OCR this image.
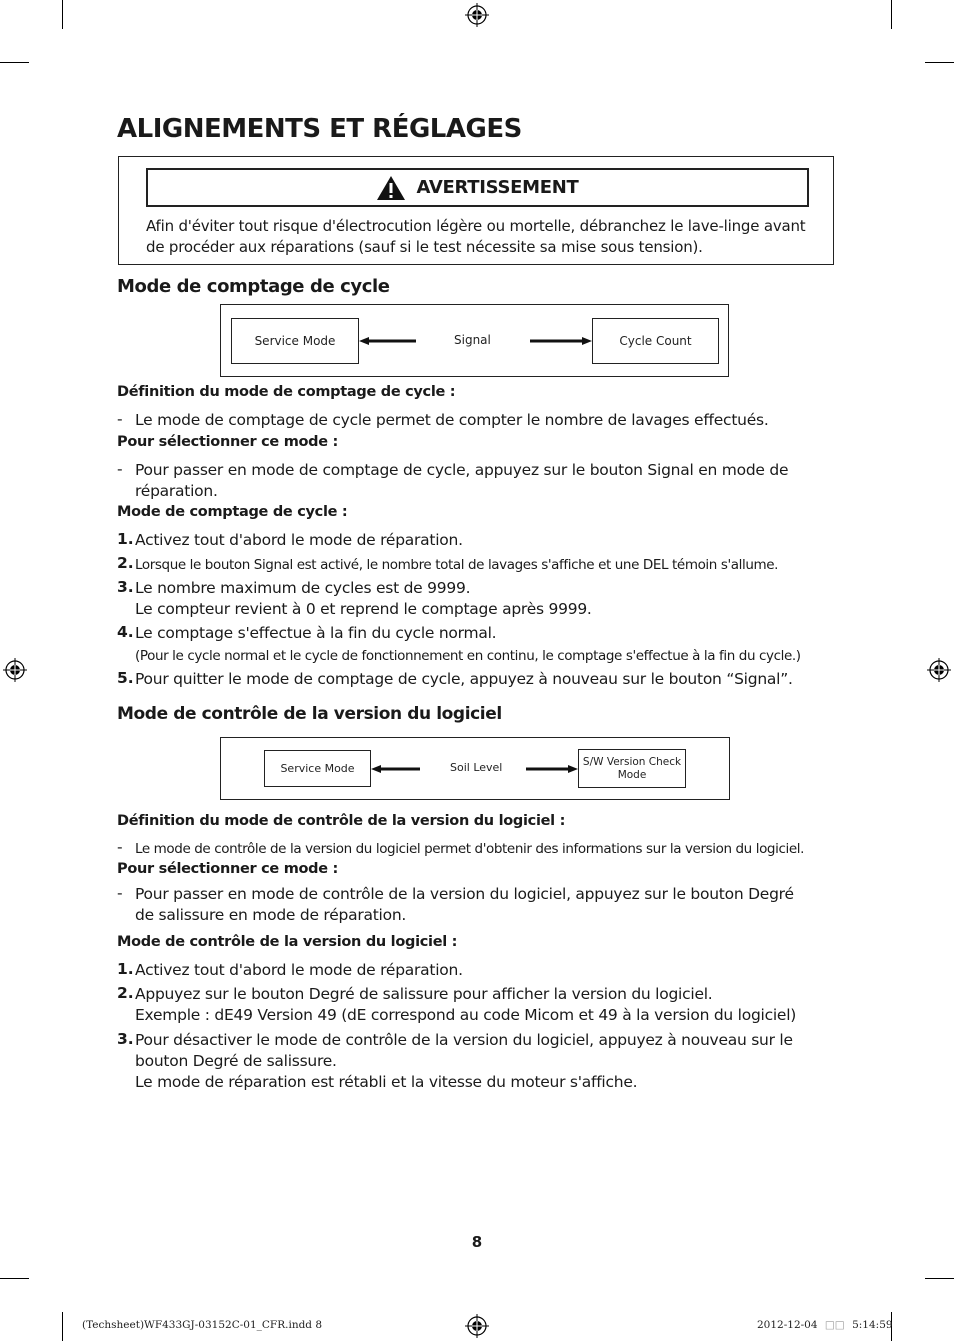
ALIGNEMENTS ET RÉGLAGES
AVERTISSEMENT
Afin d'éviter tout risque d'électrocution légère ou mortelle, débranchez le lave-linge avant de procéder aux réparations (sauf si le test nécessite sa mise sous tension).
Mode de comptage de cycle
Service Mode	Signal	Cycle Count
Définition du mode de comptage de cycle :
- Le mode de comptage de cycle permet de compter le nombre de lavages effectués.
Pour sélectionner ce mode :
- Pour passer en mode de comptage de cycle, appuyez sur le bouton Signal en mode de réparation.
Mode de comptage de cycle :
1. Activez tout d'abord le mode de réparation.
2. Lorsque le bouton Signal est activé, le nombre total de lavages s'affiche et une DEL témoin s'allume.
3. Le nombre maximum de cycles est de 9999.
Le compteur revient à 0 et reprend le comptage après 9999.
4. Le comptage s'effectue à la fin du cycle normal.
(Pour le cycle normal et le cycle de fonctionnement en continu, le comptage s'effectue à la fin du cycle.)
5. Pour quitter le mode de comptage de cycle, appuyez à nouveau sur le bouton “Signal”.
Mode de contrôle de la version du logiciel
Service Mode	Soil Level	S/W Version Check
Mode
Définition du mode de contrôle de la version du logiciel :
- Le mode de contrôle de la version du logiciel permet d'obtenir des informations sur la version du logiciel.
Pour sélectionner ce mode :
- Pour passer en mode de contrôle de la version du logiciel, appuyez sur le bouton Degré de salissure en mode de réparation.
Mode de contrôle de la version du logiciel :
1. Activez tout d'abord le mode de réparation.
2. Appuyez sur le bouton Degré de salissure pour afficher la version du logiciel.
Exemple : dE49 Version 49 (dE correspond au code Micom et 49 à la version du logiciel)
3. Pour désactiver le mode de contrôle de la version du logiciel, appuyez à nouveau sur le bouton Degré de salissure.
Le mode de réparation est rétabli et la vitesse du moteur s'affiche.
8
(Techsheet)WF433GJ-03152C-01_CFR.indd 8	2012-12-04 □□ 5:14:59
